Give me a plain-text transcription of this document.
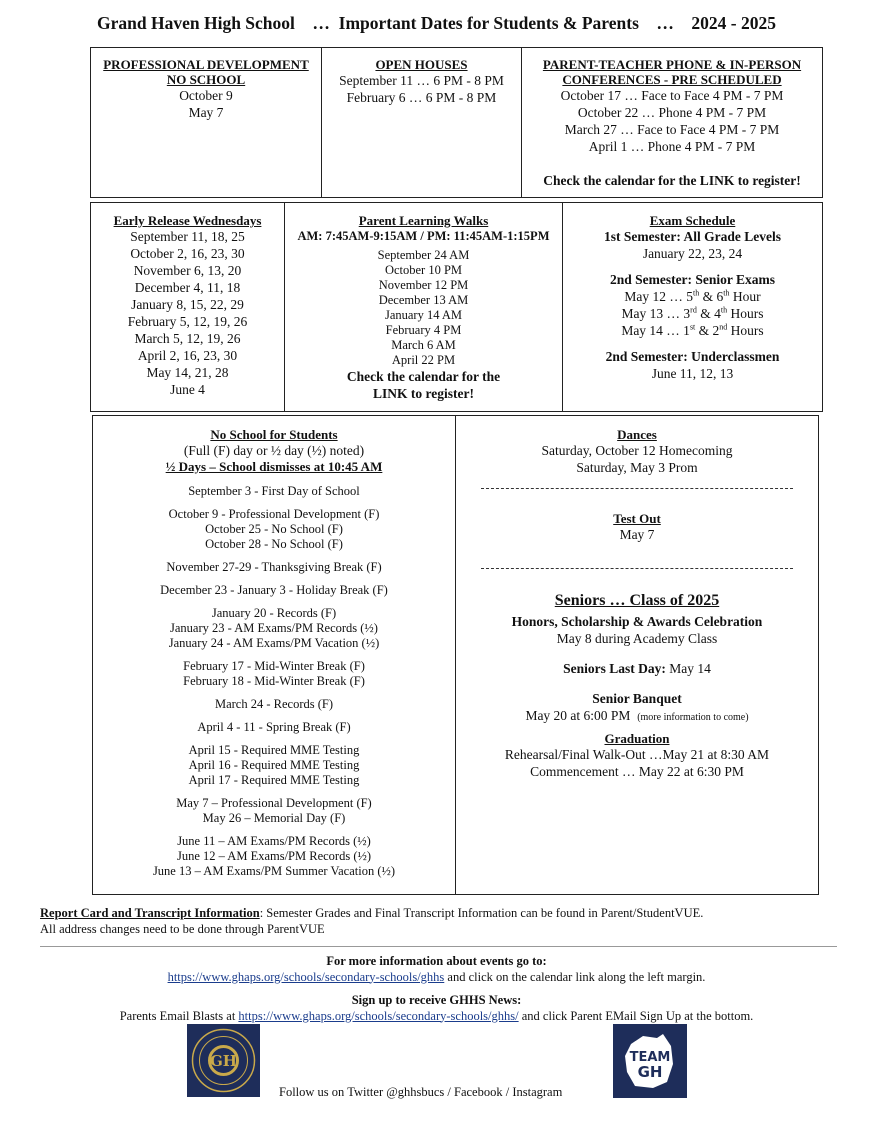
Grand Haven High School    …  Important Dates for Students & Parents    …    2024 - 2025
PROFESSIONAL DEVELOPMENT
NO SCHOOL
October 9
May 7
OPEN HOUSES
September 11 … 6 PM - 8 PM
February 6 … 6 PM - 8 PM
PARENT-TEACHER PHONE & IN-PERSON
CONFERENCES - PRE SCHEDULED
October 17 … Face to Face 4 PM - 7 PM
October 22 … Phone 4 PM - 7 PM
March 27 … Face to Face 4 PM - 7 PM
April 1 … Phone 4 PM - 7 PM
Check the calendar for the LINK to register!
Early Release Wednesdays
September 11, 18, 25
October 2, 16, 23, 30
November 6, 13, 20
December 4, 11, 18
January 8, 15, 22, 29
February 5, 12, 19, 26
March 5, 12, 19, 26
April 2, 16, 23, 30
May 14, 21, 28
June 4
Parent Learning Walks
AM: 7:45AM-9:15AM / PM: 11:45AM-1:15PM
September 24 AM
October 10 PM
November 12 PM
December 13 AM
January 14 AM
February 4 PM
March 6 AM
April 22 PM
Check the calendar for the
LINK to register!
Exam Schedule
1st Semester: All Grade Levels
January 22, 23, 24
2nd Semester: Senior Exams
May 12 … 5th & 6th Hour
May 13 … 3rd & 4th Hours
May 14 … 1st & 2nd Hours
2nd Semester: Underclassmen
June 11, 12, 13
No School for Students
(Full (F) day or ½ day (½) noted)
½ Days – School dismisses at 10:45 AM
September 3 - First Day of School
October 9 - Professional Development (F)
October 25 - No School (F)
October 28 - No School (F)
November 27-29 - Thanksgiving Break (F)
December 23 - January 3 - Holiday Break (F)
January 20 - Records (F)
January 23 - AM Exams/PM Records (½)
January 24 - AM Exams/PM Vacation (½)
February 17 - Mid-Winter Break (F)
February 18 - Mid-Winter Break (F)
March 24 - Records (F)
April 4 - 11 - Spring Break (F)
April 15 - Required MME Testing
April 16 - Required MME Testing
April 17 - Required MME Testing
May 7 – Professional Development (F)
May 26 – Memorial Day (F)
June 11 – AM Exams/PM Records (½)
June 12 – AM Exams/PM Records (½)
June 13 – AM Exams/PM Summer Vacation (½)
Dances
Saturday, October 12 Homecoming
Saturday, May 3 Prom
Test Out
May 7
Seniors … Class of 2025
Honors, Scholarship & Awards Celebration
May 8 during Academy Class
Seniors Last Day: May 14
Senior Banquet
May 20 at 6:00 PM (more information to come)
Graduation
Rehearsal/Final Walk-Out …May 21 at 8:30 AM
Commencement … May 22 at 6:30 PM
Report Card and Transcript Information: Semester Grades and Final Transcript Information can be found in Parent/StudentVUE.
All address changes need to be done through ParentVUE
For more information about events go to:
https://www.ghaps.org/schools/secondary-schools/ghhs and click on the calendar link along the left margin.
Sign up to receive GHHS News:
Parents Email Blasts at https://www.ghaps.org/schools/secondary-schools/ghhs/ and click Parent EMail Sign Up at the bottom.
GH
Follow us on Twitter @ghhsbucs / Facebook / Instagram
TEAM
GH
